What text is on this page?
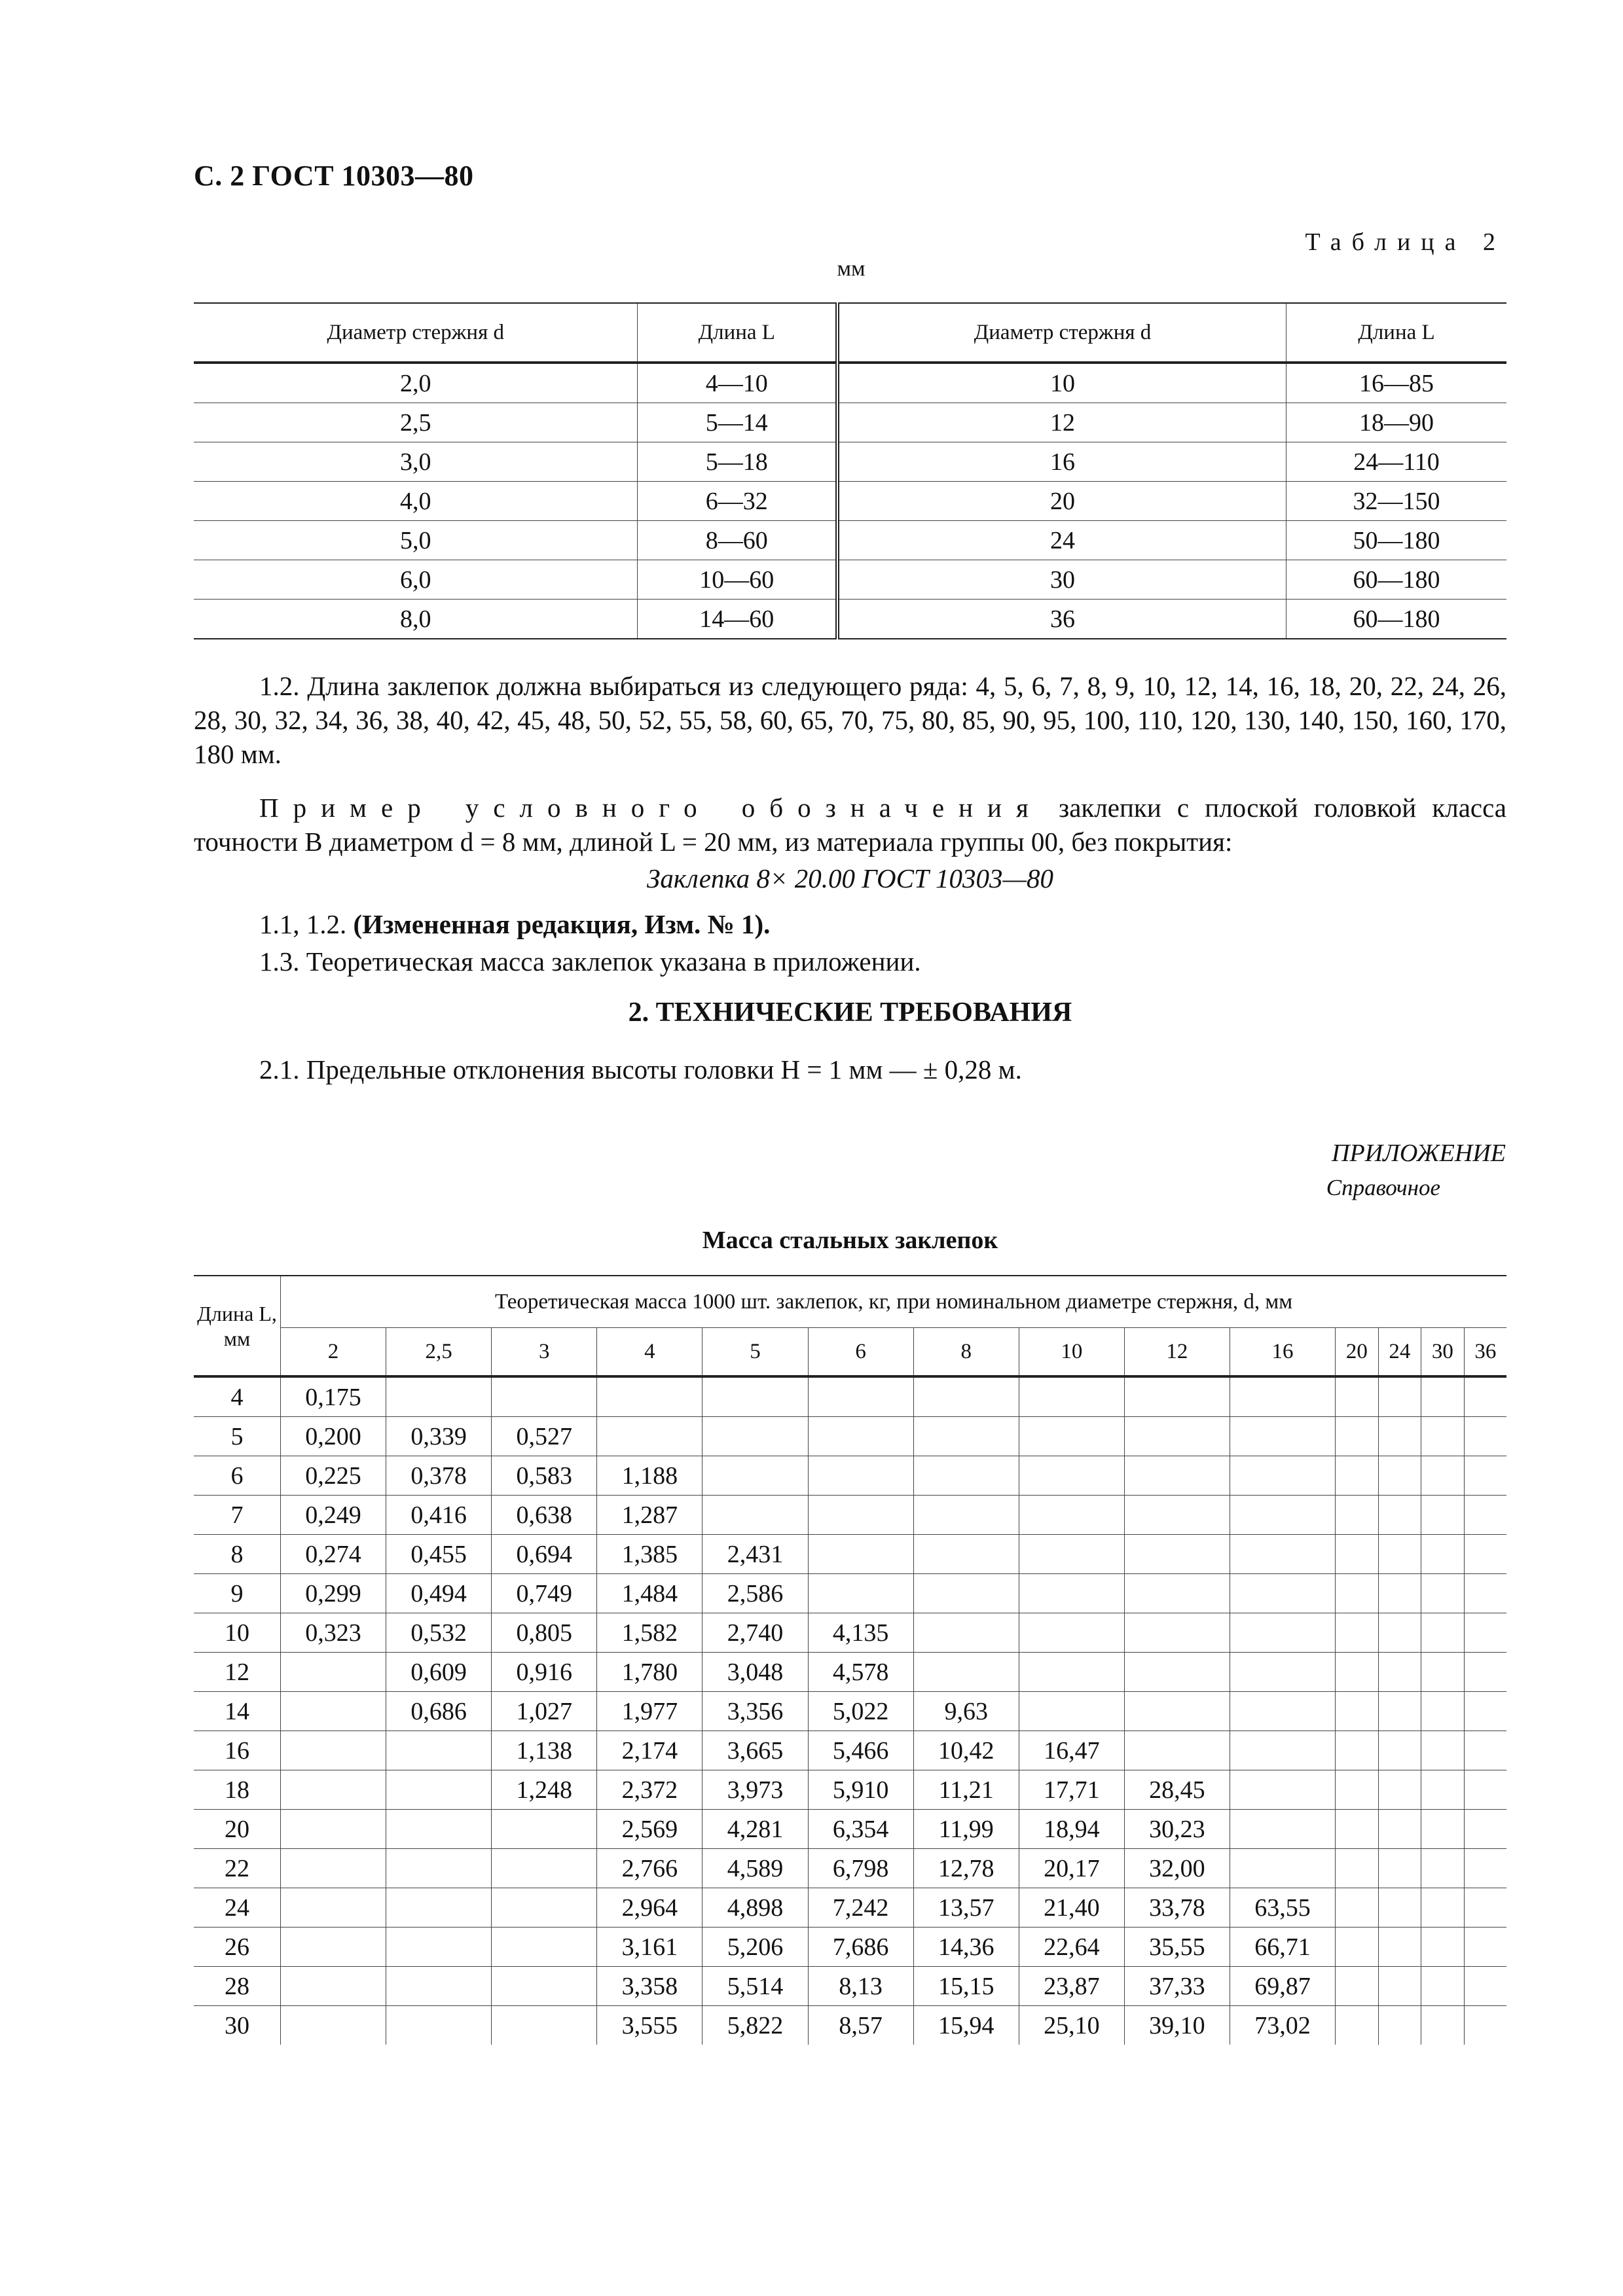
С. 2 ГОСТ 10303—80
Таблица 2
мм
Диаметр стержня d	Длина L	Диаметр стержня d	Длина L
2,0	4—10	10	16—85
2,5	5—14	12	18—90
3,0	5—18	16	24—110
4,0	6—32	20	32—150
5,0	8—60	24	50—180
6,0	10—60	30	60—180
8,0	14—60	36	60—180
1.2. Длина заклепок должна выбираться из следующего ряда: 4, 5, 6, 7, 8, 9, 10, 12, 14, 16, 18, 20, 22, 24, 26, 28, 30, 32, 34, 36, 38, 40, 42, 45, 48, 50, 52, 55, 58, 60, 65, 70, 75, 80, 85, 90, 95, 100, 110, 120, 130, 140, 150, 160, 170, 180 мм.
Пример условного обозначения заклепки с плоской головкой класса точности В диаметром d = 8 мм, длиной L = 20 мм, из материала группы 00, без покрытия:
Заклепка 8× 20.00 ГОСТ 10303—80
1.1, 1.2. (Измененная редакция, Изм. № 1).
1.3. Теоретическая масса заклепок указана в приложении.
2. ТЕХНИЧЕСКИЕ ТРЕБОВАНИЯ
2.1. Предельные отклонения высоты головки H = 1 мм — ± 0,28 м.
ПРИЛОЖЕНИЕ
Справочное
Масса стальных заклепок
Длина L, мм	Теоретическая масса 1000 шт. заклепок, кг, при номинальном диаметре стержня, d, мм													
	2	2,5	3	4	5	6	8	10	12	16	20	24	30	36
4	0,175													
5	0,200	0,339	0,527											
6	0,225	0,378	0,583	1,188										
7	0,249	0,416	0,638	1,287										
8	0,274	0,455	0,694	1,385	2,431									
9	0,299	0,494	0,749	1,484	2,586									
10	0,323	0,532	0,805	1,582	2,740	4,135								
12		0,609	0,916	1,780	3,048	4,578								
14		0,686	1,027	1,977	3,356	5,022	9,63							
16			1,138	2,174	3,665	5,466	10,42	16,47						
18			1,248	2,372	3,973	5,910	11,21	17,71	28,45					
20				2,569	4,281	6,354	11,99	18,94	30,23					
22				2,766	4,589	6,798	12,78	20,17	32,00					
24				2,964	4,898	7,242	13,57	21,40	33,78	63,55				
26				3,161	5,206	7,686	14,36	22,64	35,55	66,71				
28				3,358	5,514	8,13	15,15	23,87	37,33	69,87				
30				3,555	5,822	8,57	15,94	25,10	39,10	73,02				
